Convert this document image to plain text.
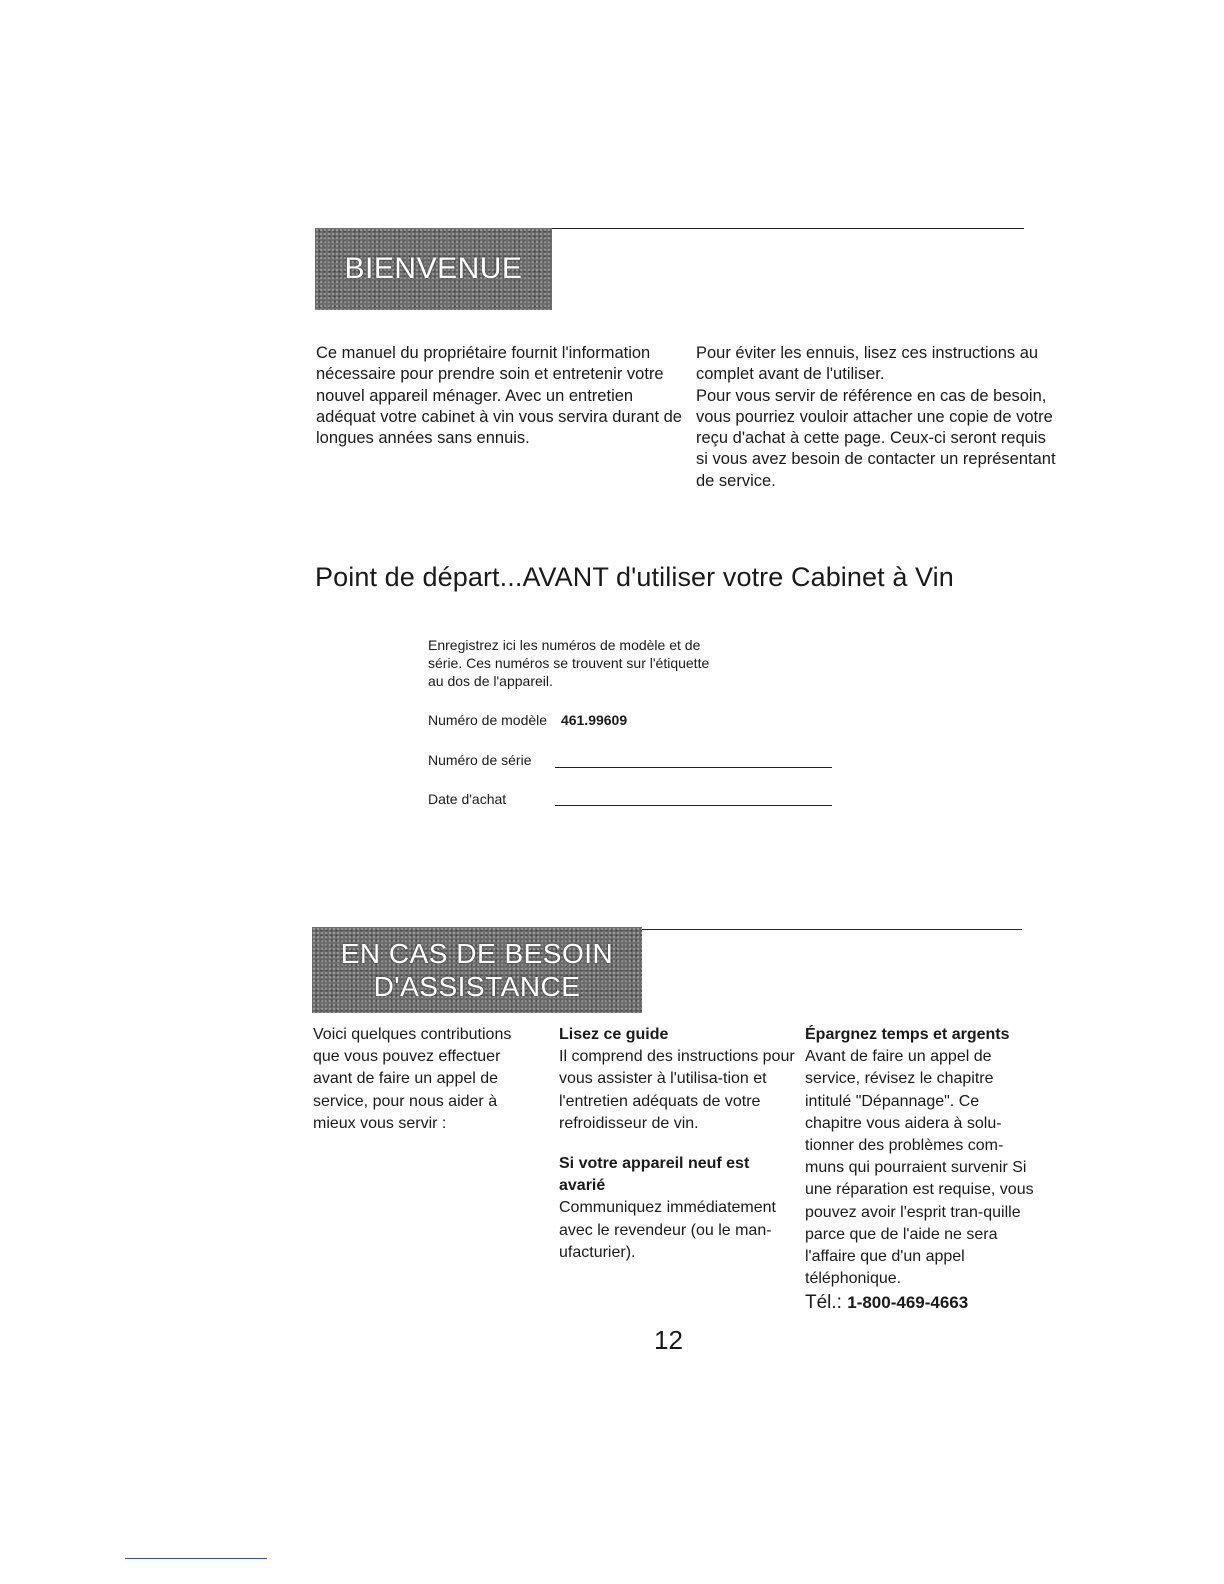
BIENVENUE

Ce manuel du propriétaire fournit l'information nécessaire pour prendre soin et entretenir votre nouvel appareil ménager. Avec un entretien adéquat votre cabinet à vin vous servira durant de longues années sans ennuis.

Pour éviter les ennuis, lisez ces instructions au complet avant de l'utiliser.

Pour vous servir de référence en cas de besoin, vous pourriez vouloir attacher une copie de votre reçu d'achat à cette page. Ceux-ci seront requis si vous avez besoin de contacter un représentant de service.

Point de départ...AVANT d'utiliser votre Cabinet à Vin
Enregistrez ici les numéros de modèle et de série. Ces numéros se trouvent sur l'étiquette au dos de l'appareil.
Numéro de modèle 461.99609
Numéro de série
Date d'achat
EN CAS DE BESOIN
D'ASSISTANCE

Voici quelques contributions que vous pouvez effectuer avant de faire un appel de service, pour nous aider à mieux vous servir :

Lisez ce guide

Il comprend des instructions pour vous assister à l'utilisa-tion et l'entretien adéquats de votre refroidisseur de vin.

Si votre appareil neuf est avarié

Communiquez immédiatement avec le revendeur (ou le man-ufacturier).

Épargnez temps et argents

Avant de faire un appel de service, révisez le chapitre intitulé "Dépannage". Ce chapitre vous aidera à solu-tionner des problèmes com-muns qui pourraient survenir Si une réparation est requise, vous pouvez avoir l'esprit tran-quille parce que de l'aide ne sera l'affaire que d'un appel téléphonique.

Tél.: 1-800-469-4663

12
